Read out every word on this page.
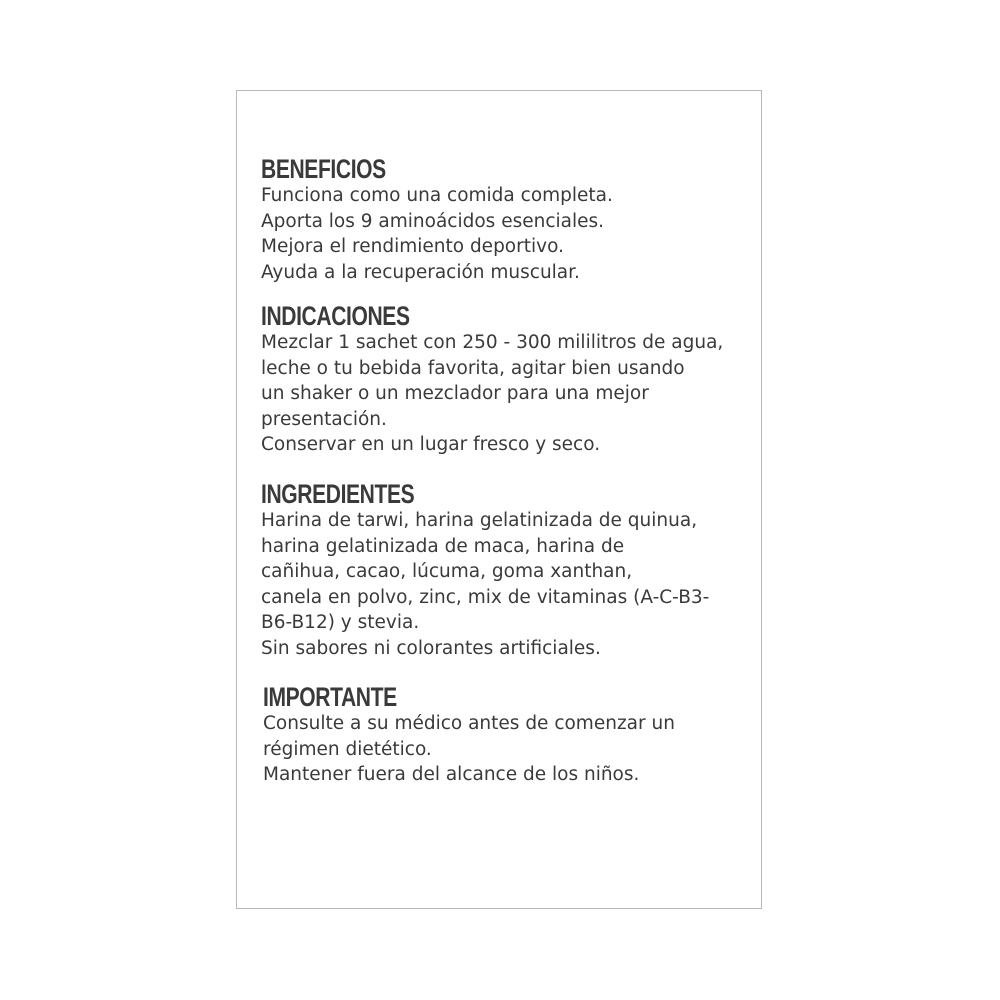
BENEFICIOS

Funciona como una comida completa.

Aporta los 9 aminoácidos esenciales.

Mejora el rendimiento deportivo.

Ayuda a la recuperación muscular.

INDICACIONES

Mezclar 1 sachet con 250 - 300 mililitros de agua,

leche o tu bebida favorita, agitar bien usando

un shaker o un mezclador para una mejor

presentación.

Conservar en un lugar fresco y seco.

INGREDIENTES

Harina de tarwi, harina gelatinizada de quinua,

harina gelatinizada de maca, harina de

cañihua, cacao, lúcuma, goma xanthan,

canela en polvo, zinc, mix de vitaminas (A-C-B3-

B6-B12) y stevia.

Sin sabores ni colorantes artificiales.

IMPORTANTE

Consulte a su médico antes de comenzar un

régimen dietético.

Mantener fuera del alcance de los niños.
